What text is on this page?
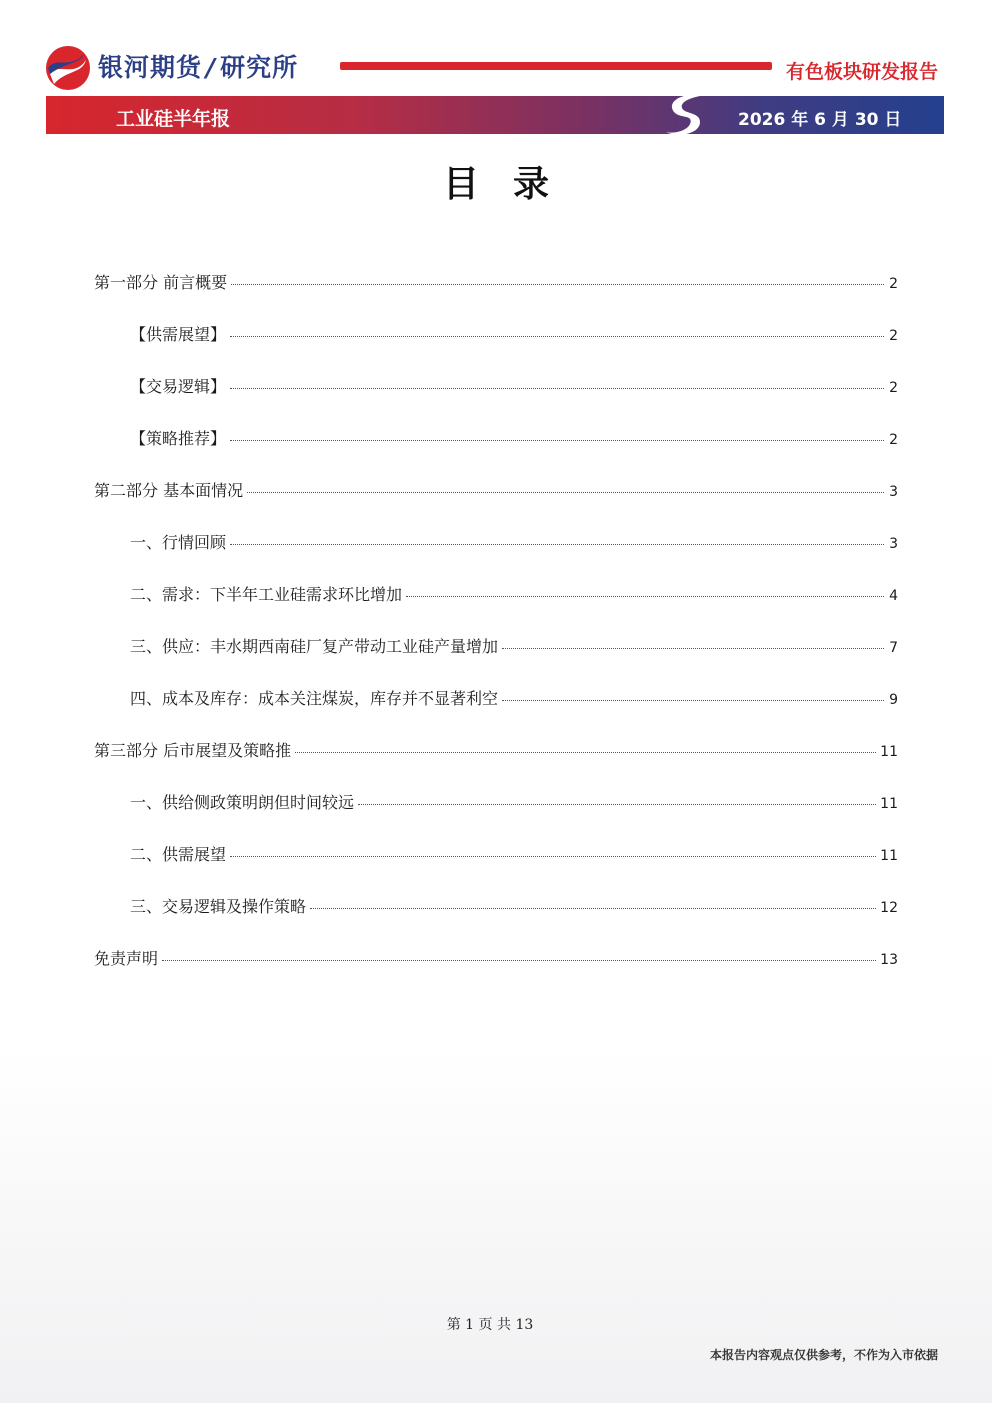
银河期货 / 研究所	有色板块研发报告
工业硅半年报	2026 年 6 月 30 日
目录
第一部分 前言概要	2
【供需展望】	2
【交易逻辑】	2
【策略推荐】	2
第二部分 基本面情况	3
一、行情回顾	3
二、需求：下半年工业硅需求环比增加	4
三、供应：丰水期西南硅厂复产带动工业硅产量增加	7
四、成本及库存：成本关注煤炭，库存并不显著利空	9
第三部分 后市展望及策略推	11
一、供给侧政策明朗但时间较远	11
二、供需展望	11
三、交易逻辑及操作策略	12
免责声明	13
第 1 页 共 13
本报告内容观点仅供参考，不作为入市依据
